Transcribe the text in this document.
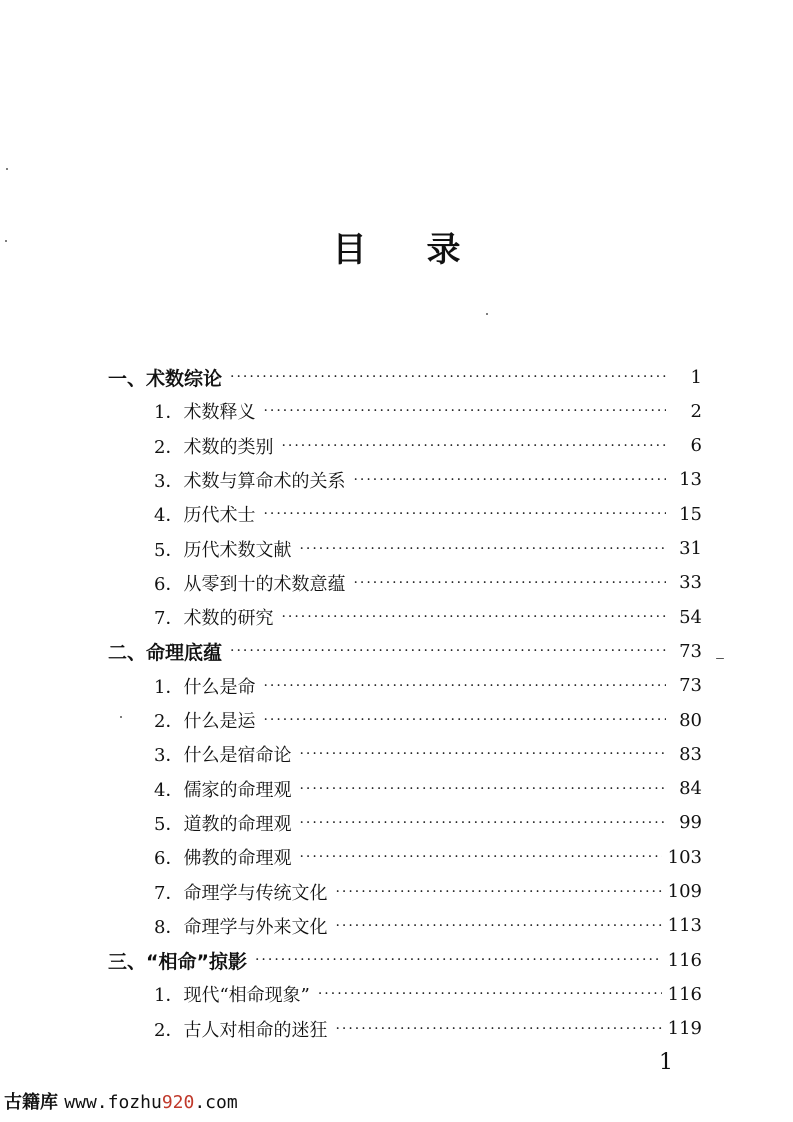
目录
一、术数综论 ·····	1
1．术数释义 ·····	2
2．术数的类别 ·····	6
3．术数与算命术的关系 ·····	13
4．历代术士 ·····	15
5．历代术数文献 ·····	31
6．从零到十的术数意蕴 ·····	33
7．术数的研究 ·····	54
二、命理底蕴 ·····	73
1．什么是命 ·····	73
2．什么是运 ·····	80
3．什么是宿命论 ·····	83
4．儒家的命理观 ·····	84
5．道教的命理观 ·····	99
6．佛教的命理观 ·····	103
7．命理学与传统文化 ·····	109
8．命理学与外来文化 ·····	113
三、“相命”掠影 ·····	116
1．现代“相命现象” ·····	116
2．古人对相命的迷狂 ·····	119
1
古籍库 www.fozhu920.com
